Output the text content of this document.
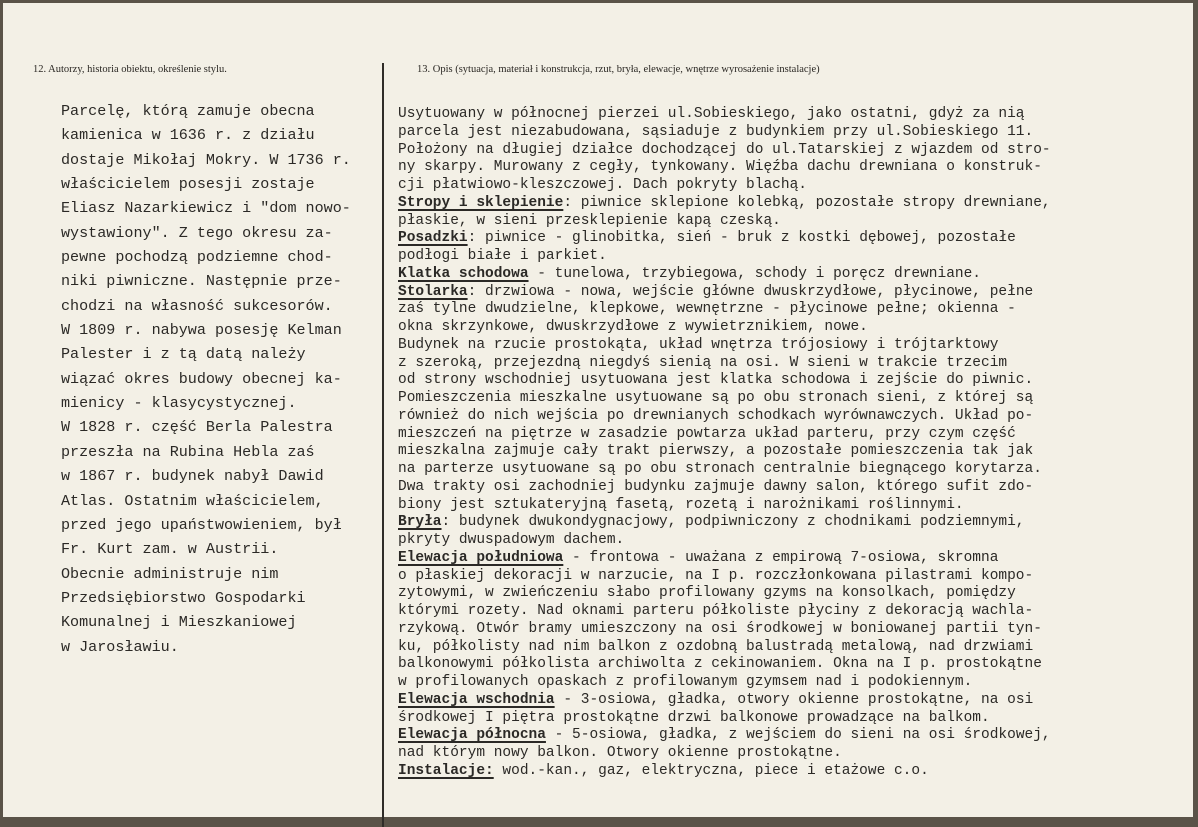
12. Autorzy, historia obiektu, określenie stylu.	13. Opis (sytuacja, materiał i konstrukcja, rzut, bryła, elewacje, wnętrze wyrosażenie instalacje)
Parcelę, którą zamuje obecna
kamienica w 1636 r. z działu
dostaje Mikołaj Mokry. W 1736 r.
właścicielem posesji zostaje
Eliasz Nazarkiewicz i "dom nowo-
wystawiony". Z tego okresu za-
pewne pochodzą podziemne chod-
niki piwniczne. Następnie prze-
chodzi na własność sukcesorów.
W 1809 r. nabywa posesję Kelman
Palester i z tą datą należy
wiązać okres budowy obecnej ka-
mienicy - klasycystycznej.
W 1828 r. część Berla Palestra
przeszła na Rubina Hebla zaś
w 1867 r. budynek nabył Dawid
Atlas. Ostatnim właścicielem,
przed jego upaństwowieniem, był
Fr. Kurt zam. w Austrii.
Obecnie administruje nim
Przedsiębiorstwo Gospodarki
Komunalnej i Mieszkaniowej
w Jarosławiu.
Usytuowany w północnej pierzei ul.Sobieskiego, jako ostatni, gdyż za nią
parcela jest niezabudowana, sąsiaduje z budynkiem przy ul.Sobieskiego 11.
Położony na długiej działce dochodzącej do ul.Tatarskiej z wjazdem od stro-
ny skarpy. Murowany z cegły, tynkowany. Więźba dachu drewniana o konstruk-
cji płatwiowo-kleszczowej. Dach pokryty blachą.
Stropy i sklepienie: piwnice sklepione kolebką, pozostałe stropy drewniane,
płaskie, w sieni przesklepienie kapą czeską.
Posadzki: piwnice - glinobitka, sień - bruk z kostki dębowej, pozostałe
podłogi białe i parkiet.
Klatka schodowa - tunelowa, trzybiegowa, schody i poręcz drewniane.
Stolarka: drzwiowa - nowa, wejście główne dwuskrzydłowe, płycinowe, pełne
zaś tylne dwudzielne, klepkowe, wewnętrzne - płycinowe pełne; okienna -
okna skrzynkowe, dwuskrzydłowe z wywietrznikiem, nowe.
Budynek na rzucie prostokąta, układ wnętrza trójosiowy i trójtarktowy
z szeroką, przejezdną niegdyś sienią na osi. W sieni w trakcie trzecim
od strony wschodniej usytuowana jest klatka schodowa i zejście do piwnic.
Pomieszczenia mieszkalne usytuowane są po obu stronach sieni, z której są
również do nich wejścia po drewnianych schodkach wyrównawczych. Układ po-
mieszczeń na piętrze w zasadzie powtarza układ parteru, przy czym część
mieszkalna zajmuje cały trakt pierwszy, a pozostałe pomieszczenia tak jak
na parterze usytuowane są po obu stronach centralnie biegnącego korytarza.
Dwa trakty osi zachodniej budynku zajmuje dawny salon, którego sufit zdo-
biony jest sztukateryjną fasetą, rozetą i narożnikami roślinnymi.
Bryła: budynek dwukondygnacjowy, podpiwniczony z chodnikami podziemnymi,
pkryty dwuspadowym dachem.
Elewacja południowa - frontowa - uważana z empirową 7-osiowa, skromna
o płaskiej dekoracji w narzucie, na I p. rozczłonkowana pilastrami kompo-
zytowymi, w zwieńczeniu słabo profilowany gzyms na konsolkach, pomiędzy
którymi rozety. Nad oknami parteru półkoliste płyciny z dekoracją wachla-
rzykową. Otwór bramy umieszczony na osi środkowej w boniowanej partii tyn-
ku, półkolisty nad nim balkon z ozdobną balustradą metalową, nad drzwiami
balkonowymi półkolista archiwolta z cekinowaniem. Okna na I p. prostokątne
w profilowanych opaskach z profilowanym gzymsem nad i podokiennym.
Elewacja wschodnia - 3-osiowa, gładka, otwory okienne prostokątne, na osi
środkowej I piętra prostokątne drzwi balkonowe prowadzące na balkom.
Elewacja północna - 5-osiowa, gładka, z wejściem do sieni na osi środkowej,
nad którym nowy balkon. Otwory okienne prostokątne.
Instalacje: wod.-kan., gaz, elektryczna, piece i etażowe c.o.
